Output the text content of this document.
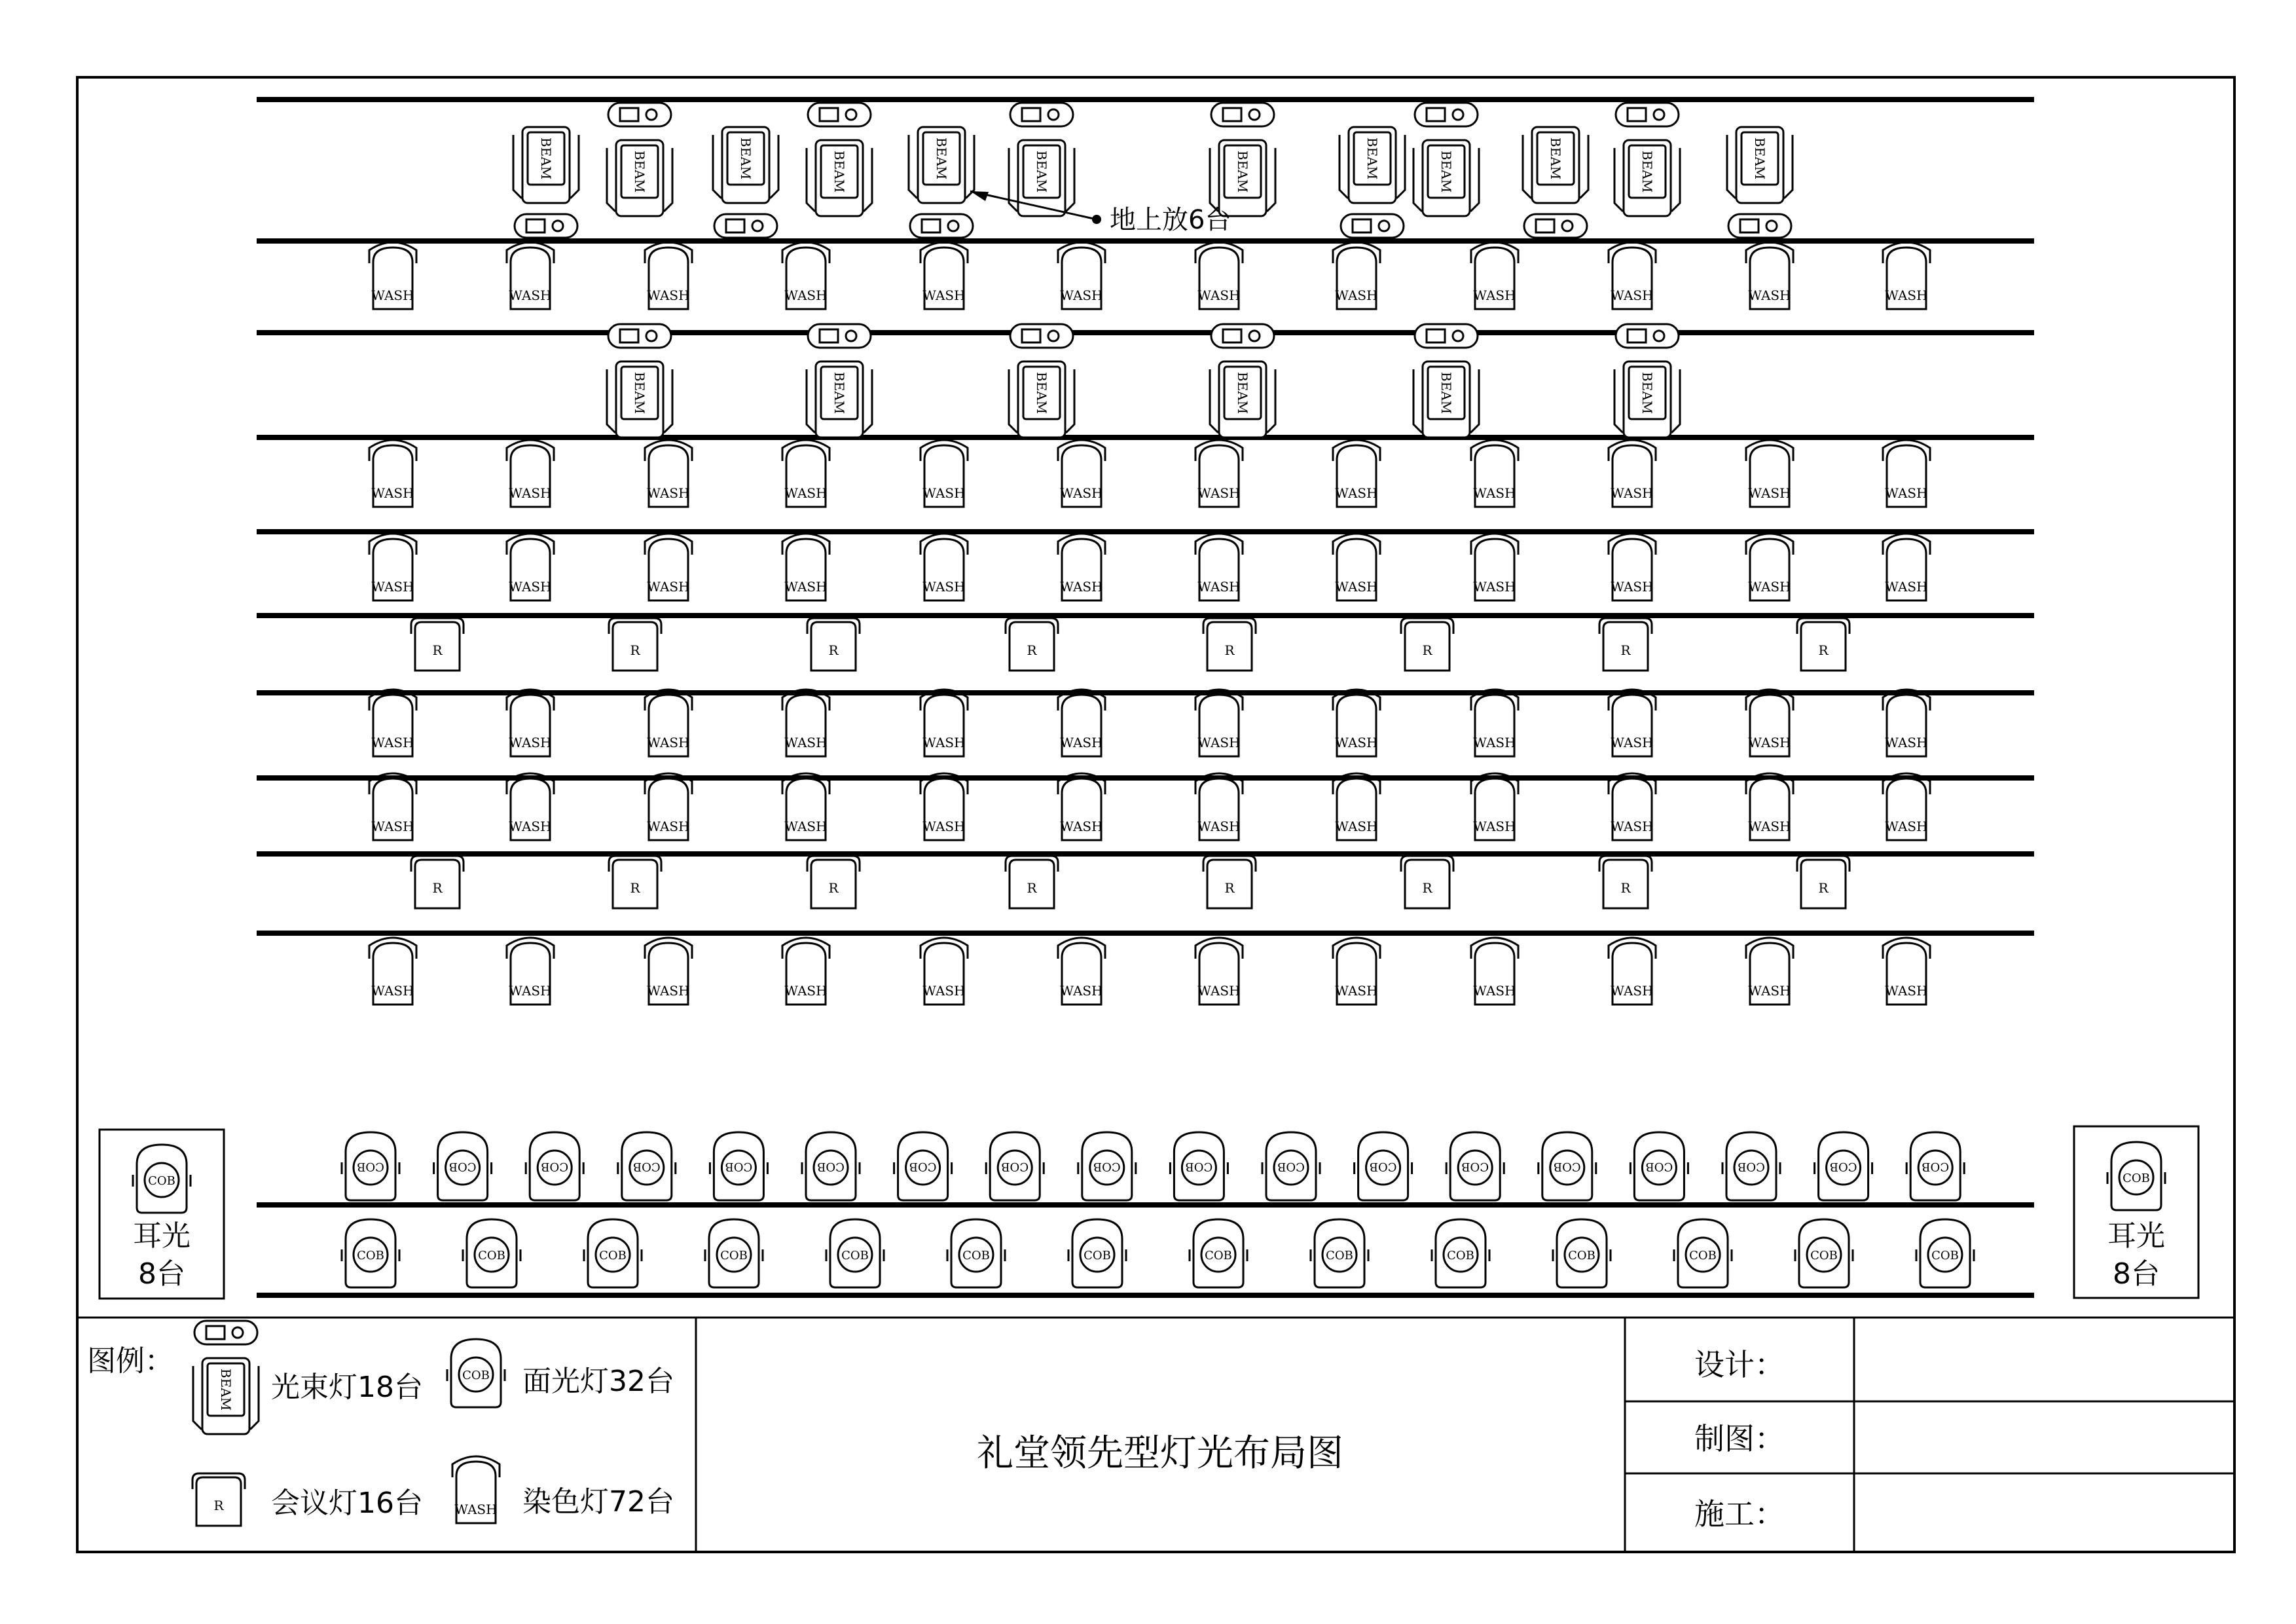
BEAM	BEAM	BEAM	BEAM	BEAM	BEAM
BEAM	BEAM	BEAM	BEAM	BEAM	BEAM
BEAM	BEAM	BEAM	BEAM	BEAM	BEAM
WASH	WASH	WASH	WASH	WASH	WASH	WASH	WASH	WASH	WASH	WASH	WASH
WASH	WASH	WASH	WASH	WASH	WASH	WASH	WASH	WASH	WASH	WASH	WASH
WASH	WASH	WASH	WASH	WASH	WASH	WASH	WASH	WASH	WASH	WASH	WASH
WASH	WASH	WASH	WASH	WASH	WASH	WASH	WASH	WASH	WASH	WASH	WASH
WASH	WASH	WASH	WASH	WASH	WASH	WASH	WASH	WASH	WASH	WASH	WASH
WASH	WASH	WASH	WASH	WASH	WASH	WASH	WASH	WASH	WASH	WASH	WASH
R	R	R	R	R	R	R	R
R	R	R	R	R	R	R	R
COB	COB	COB	COB	COB	COB	COB	COB	COB	COB	COB	COB	COB	COB	COB	COB	COB	COB
COB	COB	COB	COB	COB	COB	COB	COB	COB	COB	COB	COB	COB	COB
地上放6台
COB
耳光
8台
COB
耳光
8台
图例：
BEAM 光束灯18台	COB 面光灯32台
R 会议灯16台 WASH 染色灯72台
礼堂领先型灯光布局图
设计：
制图：
施工：
